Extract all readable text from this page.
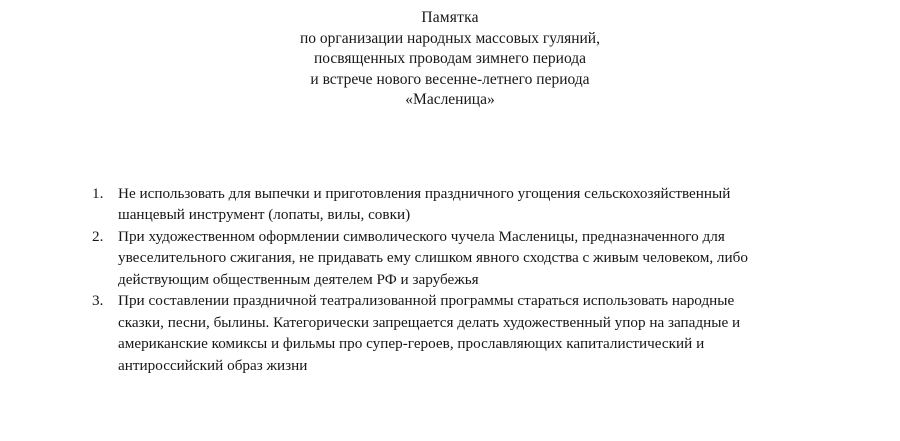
Памятка
по организации народных массовых гуляний,
посвященных проводам зимнего периода
и встрече нового весенне-летнего периода
«Масленица»
1. Не использовать для выпечки и приготовления праздничного угощения сельскохозяйственный шанцевый инструмент (лопаты, вилы, совки)
2. При художественном оформлении символического чучела Масленицы, предназначенного для увеселительного сжигания, не придавать ему слишком явного сходства с живым человеком, либо действующим общественным деятелем РФ и зарубежья
3. При составлении праздничной театрализованной программы стараться использовать народные сказки, песни, былины. Категорически запрещается делать художественный упор на западные и американские комиксы и фильмы про супер-героев, прославляющих капиталистический и антироссийский образ жизни
